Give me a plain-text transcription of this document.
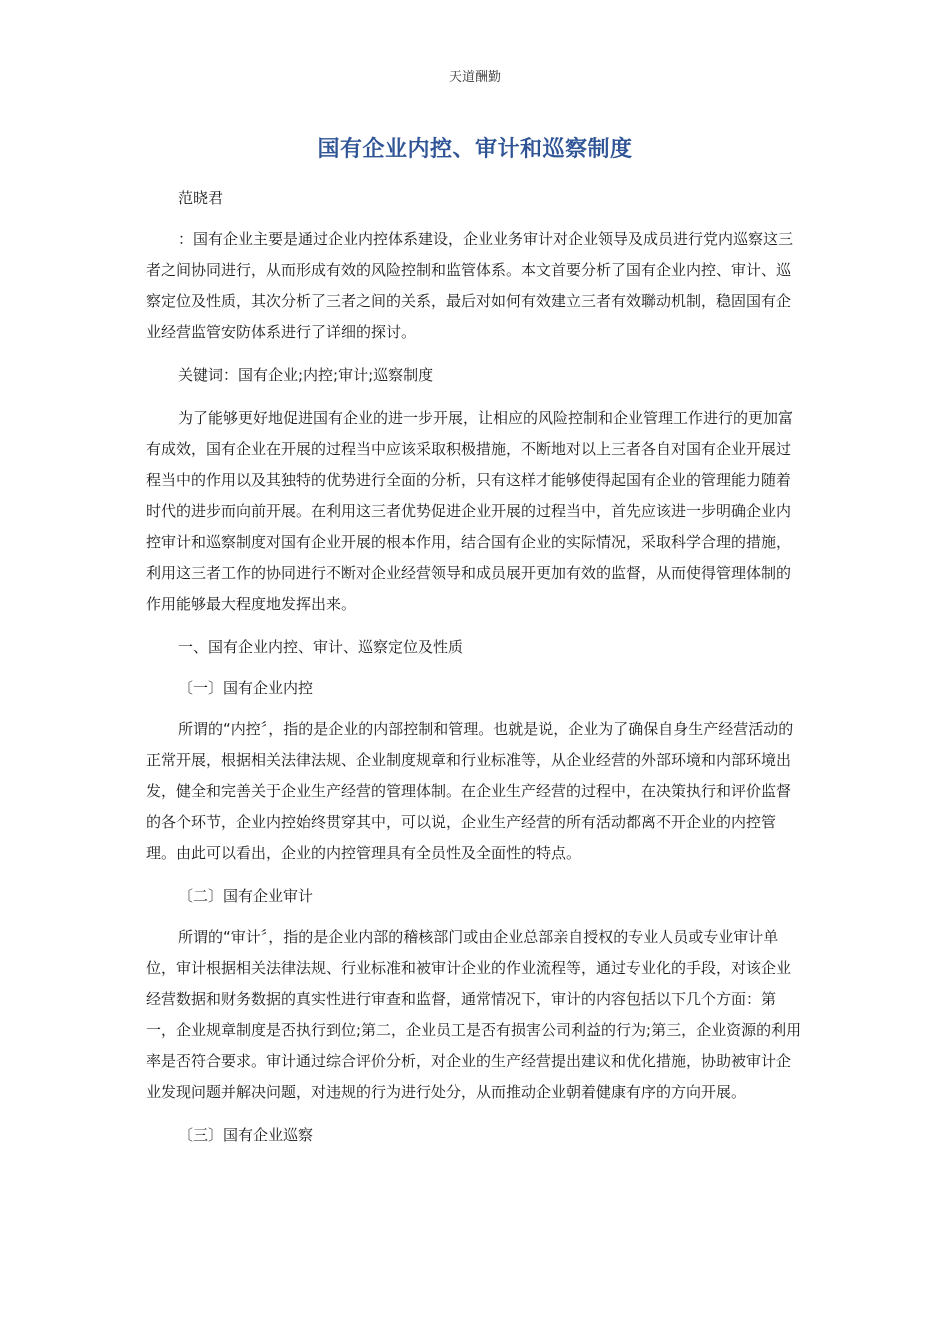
天道酬勤
国有企业内控、审计和巡察制度

范晓君

：国有企业主要是通过企业内控体系建设，企业业务审计对企业领导及成员进行党内巡察这三者之间协同进行，从而形成有效的风险控制和监管体系。本文首要分析了国有企业内控、审计、巡察定位及性质，其次分析了三者之间的关系，最后对如何有效建立三者有效聯动机制，稳固国有企业经营监管安防体系进行了详细的探讨。

关键词：国有企业;内控;审计;巡察制度

为了能够更好地促进国有企业的进一步开展，让相应的风险控制和企业管理工作进行的更加富有成效，国有企业在开展的过程当中应该采取积极措施，不断地对以上三者各自对国有企业开展过程当中的作用以及其独特的优势进行全面的分析，只有这样才能够使得起国有企业的管理能力随着时代的进步而向前开展。在利用这三者优势促进企业开展的过程当中，首先应该进一步明确企业内控审计和巡察制度对国有企业开展的根本作用，结合国有企业的实际情况，采取科学合理的措施，利用这三者工作的协同进行不断对企业经营领导和成员展开更加有效的监督，从而使得管理体制的作用能够最大程度地发挥出来。

一、国有企业内控、审计、巡察定位及性质

〔一〕国有企业内控

所谓的“内控〞，指的是企业的内部控制和管理。也就是说，企业为了确保自身生产经营活动的正常开展，根据相关法律法规、企业制度规章和行业标准等，从企业经营的外部环境和内部环境出发，健全和完善关于企业生产经营的管理体制。在企业生产经营的过程中，在决策执行和评价监督的各个环节，企业内控始终贯穿其中，可以说，企业生产经营的所有活动都离不开企业的内控管理。由此可以看出，企业的内控管理具有全员性及全面性的特点。

〔二〕国有企业审计

所谓的“审计〞，指的是企业内部的稽核部门或由企业总部亲自授权的专业人员或专业审计单位，审计根据相关法律法规、行业标准和被审计企业的作业流程等，通过专业化的手段，对该企业经营数据和财务数据的真实性进行审查和监督，通常情况下，审计的内容包括以下几个方面：第一，企业规章制度是否执行到位;第二，企业员工是否有损害公司利益的行为;第三，企业资源的利用率是否符合要求。审计通过综合评价分析，对企业的生产经营提出建议和优化措施，协助被审计企业发现问题并解决问题，对违规的行为进行处分，从而推动企业朝着健康有序的方向开展。

〔三〕国有企业巡察
